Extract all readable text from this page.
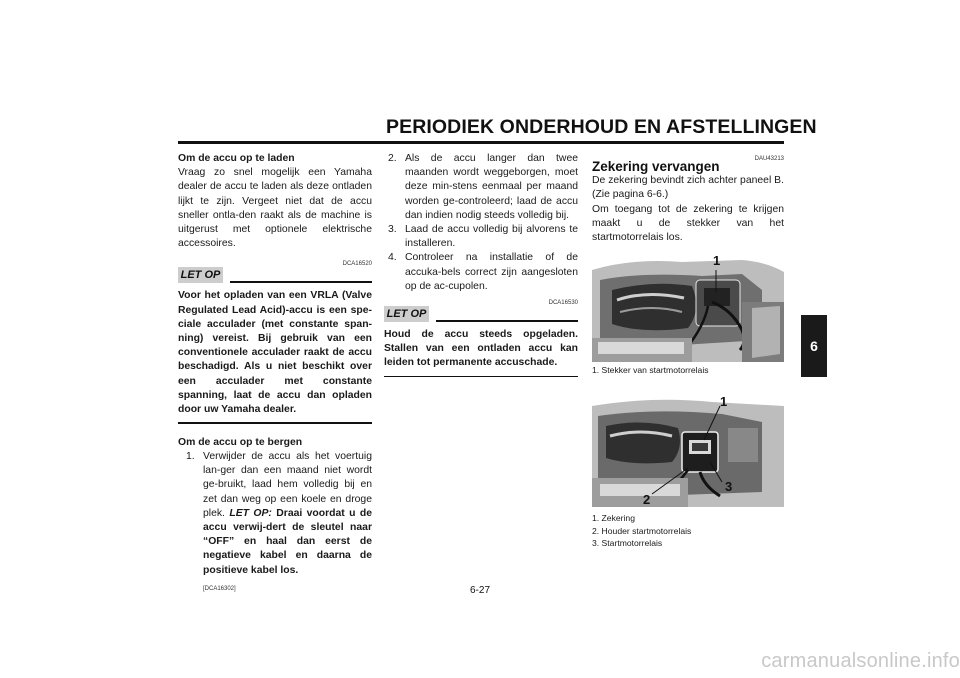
PERIODIEK ONDERHOUD EN AFSTELLINGEN
6
Om de accu op te laden
Vraag zo snel mogelijk een Yamaha dealer de accu te laden als deze ontladen lijkt te zijn. Vergeet niet dat de accu sneller ontla-den raakt als de machine is uitgerust met optionele elektrische accessoires.
DCA16520
LET OP
Voor het opladen van een VRLA (Valve Regulated Lead Acid)-accu is een spe-ciale acculader (met constante span-ning) vereist. Bij gebruik van een conventionele acculader raakt de accu beschadigd. Als u niet beschikt over een acculader met constante spanning, laat de accu dan opladen door uw Yamaha dealer.
Om de accu op te bergen
1. Verwijder de accu als het voertuig lan-ger dan een maand niet wordt ge-bruikt, laad hem volledig bij en zet dan weg op een koele en droge plek. LET OP: Draai voordat u de accu verwij-dert de sleutel naar “OFF” en haal dan eerst de negatieve kabel en daarna de positieve kabel los.
[DCA16302]
2. Als de accu langer dan twee maanden wordt weggeborgen, moet deze min-stens eenmaal per maand worden ge-controleerd; laad de accu dan indien nodig steeds volledig bij.
3. Laad de accu volledig bij alvorens te installeren.
4. Controleer na installatie of de accuka-bels correct zijn aangesloten op de ac-cupolen.
DCA16530
LET OP
Houd de accu steeds opgeladen. Stallen van een ontladen accu kan leiden tot permanente accuschade.
DAU43213
Zekering vervangen
De zekering bevindt zich achter paneel B. (Zie pagina 6-6.)
Om toegang tot de zekering te krijgen maakt u de stekker van het startmotorrelais los.
1
1. Stekker van startmotorrelais
1
2
3
1. Zekering
2. Houder startmotorrelais
3. Startmotorrelais
6-27
carmanualsonline.info
